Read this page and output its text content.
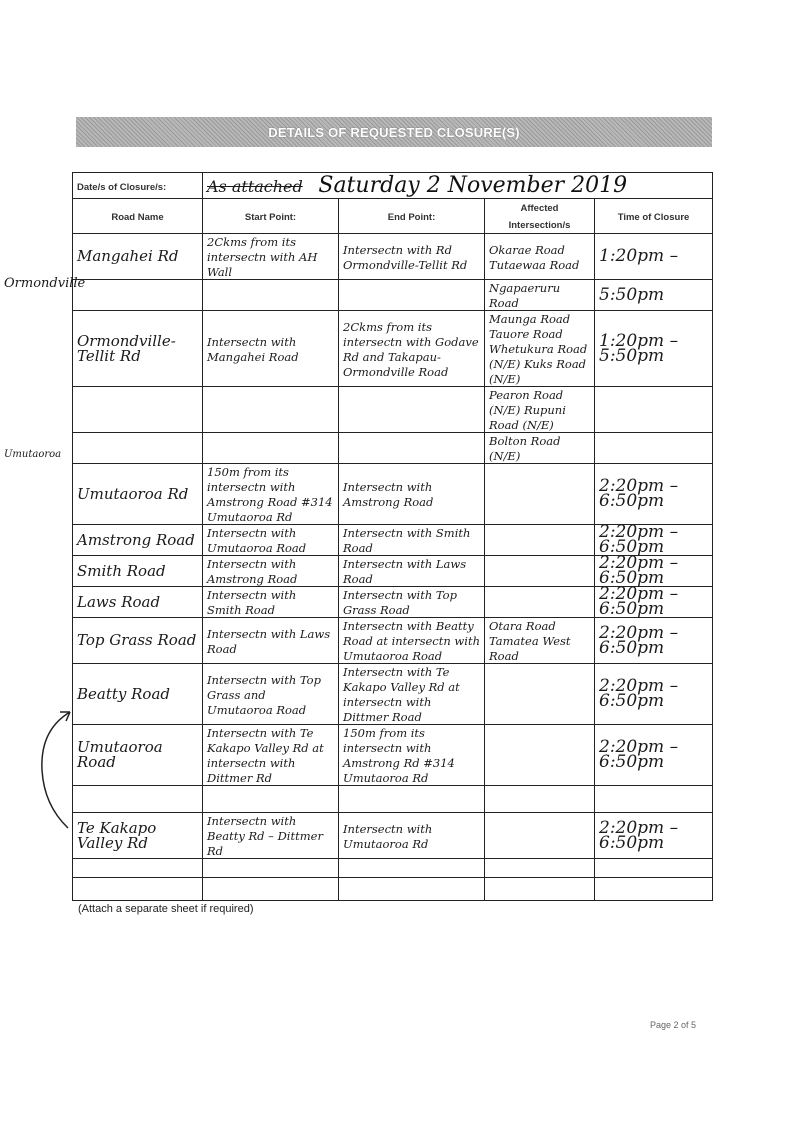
DETAILS OF REQUESTED CLOSURE(S)
Date/s of Closure/s:	As attached Saturday 2 November 2019			
Road Name	Start Point:	End Point:	Affected Intersection/s	Time of Closure
Mangahei Rd	2Ckms from its intersectn with AH Wall	Intersectn with Rd Ormondville-Tellit Rd	Okarae Road Tutaewaa Road	1:20pm –
			Ngapaeruru Road	5:50pm
Ormondville-Tellit Rd	Intersectn with Mangahei Road	2Ckms from its intersectn with Godave Rd and Takapau-Ormondville Road	Maunga Road Tauore Road Whetukura Road (N/E) Kuks Road (N/E)	1:20pm – 5:50pm
			Pearon Road (N/E) Rupuni Road (N/E)	
			Bolton Road (N/E)	
Umutaoroa Rd	150m from its intersectn with Amstrong Road #314 Umutaoroa Rd	Intersectn with Amstrong Road		2:20pm – 6:50pm
Amstrong Road	Intersectn with Umutaoroa Road	Intersectn with Smith Road		2:20pm – 6:50pm
Smith Road	Intersectn with Amstrong Road	Intersectn with Laws Road		2:20pm – 6:50pm
Laws Road	Intersectn with Smith Road	Intersectn with Top Grass Road		2:20pm – 6:50pm
Top Grass Road	Intersectn with Laws Road	Intersectn with Beatty Road at intersectn with Umutaoroa Road	Otara Road Tamatea West Road	2:20pm – 6:50pm
Beatty Road	Intersectn with Top Grass and Umutaoroa Road	Intersectn with Te Kakapo Valley Rd at intersectn with Dittmer Road		2:20pm – 6:50pm
Umutaoroa Road	Intersectn with Te Kakapo Valley Rd at intersectn with Dittmer Rd	150m from its intersectn with Amstrong Rd #314 Umutaoroa Rd		2:20pm – 6:50pm

Te Kakapo Valley Rd	Intersectn with Beatty Rd – Dittmer Rd	Intersectn with Umutaoroa Rd		2:20pm – 6:50pm

Ormondville
Umutaoroa
(Attach a separate sheet if required)
Page 2 of 5
